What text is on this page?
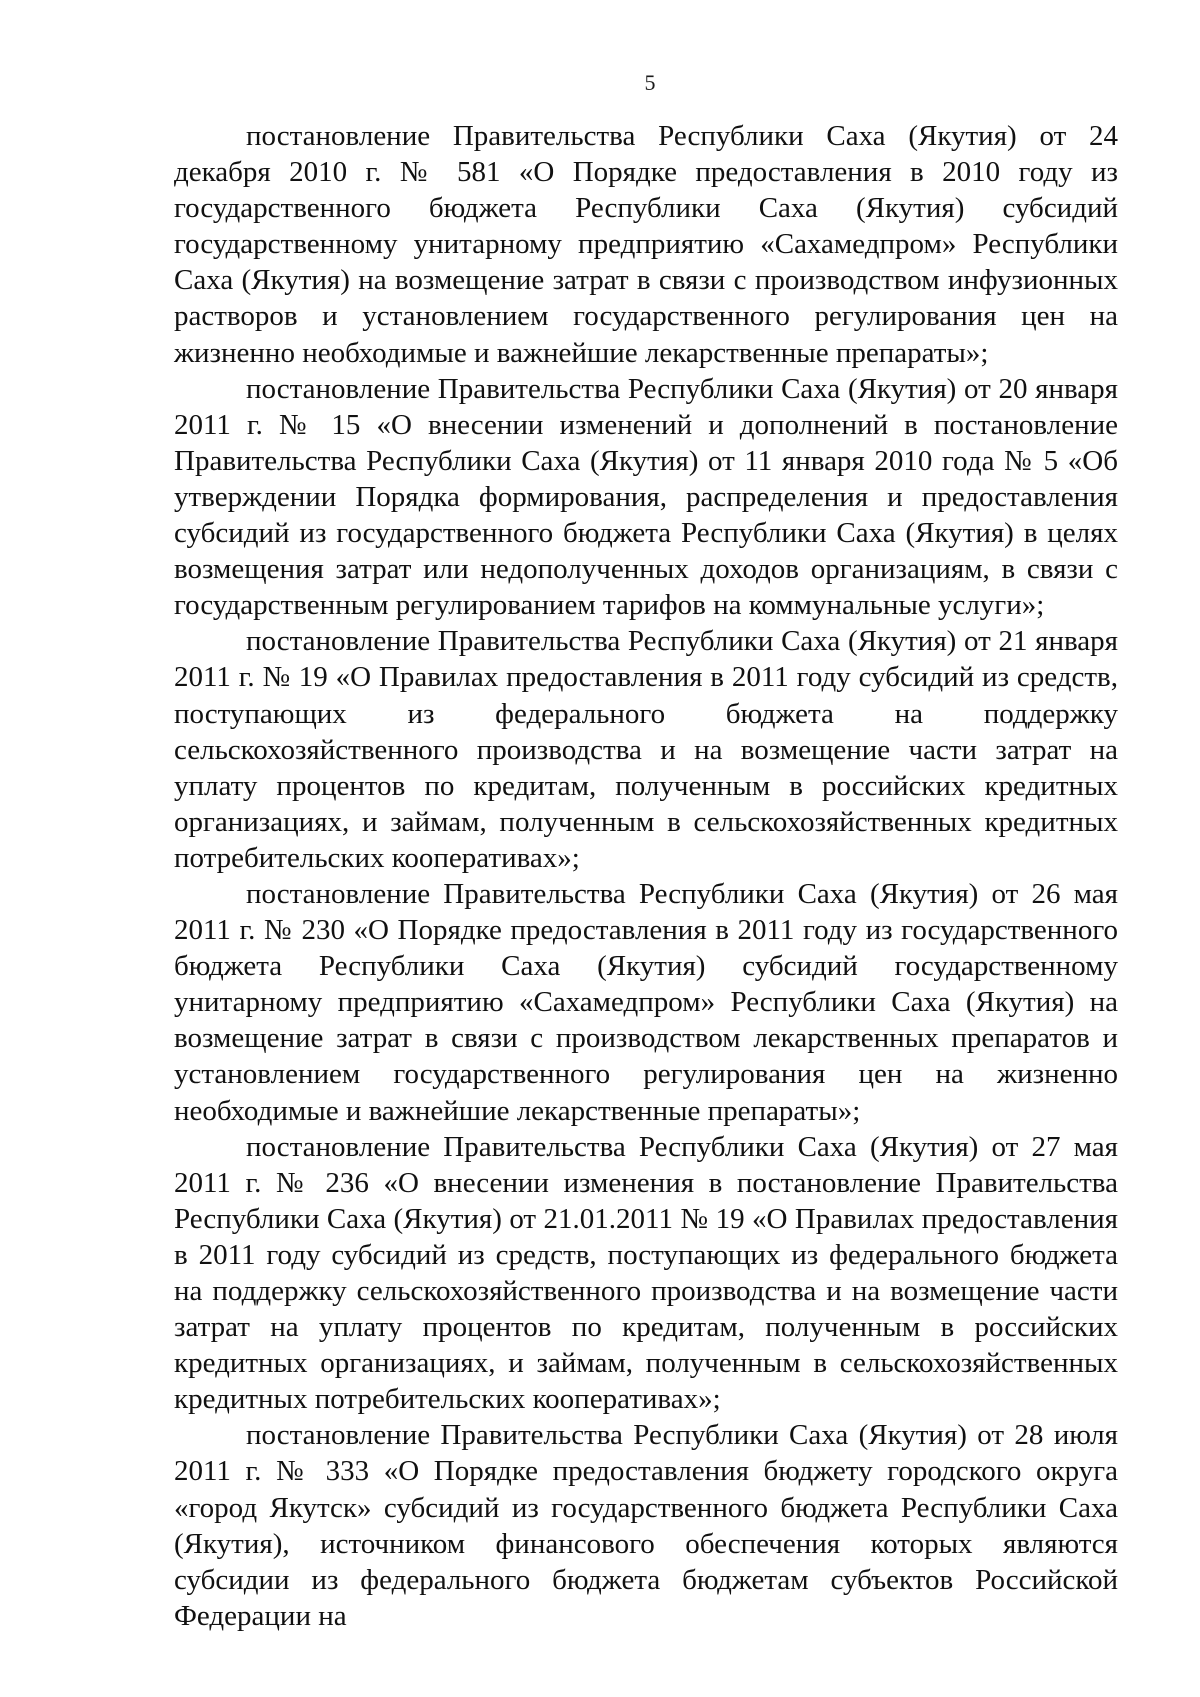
5

постановление Правительства Республики Саха (Якутия) от 24 декабря 2010 г. № 581 «О Порядке предоставления в 2010 году из государственного бюджета Республики Саха (Якутия) субсидий государственному унитарному предприятию «Сахамедпром» Республики Саха (Якутия) на возмещение затрат в связи с производством инфузионных растворов и установлением государственного регулирования цен на жизненно необходимые и важнейшие лекарственные препараты»;

постановление Правительства Республики Саха (Якутия) от 20 января 2011 г. № 15 «О внесении изменений и дополнений в постановление Правительства Республики Саха (Якутия) от 11 января 2010 года № 5 «Об утверждении Порядка формирования, распределения и предоставления субсидий из государственного бюджета Республики Саха (Якутия) в целях возмещения затрат или недополученных доходов организациям, в связи с государственным регулированием тарифов на коммунальные услуги»;

постановление Правительства Республики Саха (Якутия) от 21 января 2011 г. № 19 «О Правилах предоставления в 2011 году субсидий из средств, поступающих из федерального бюджета на поддержку сельскохозяйственного производства и на возмещение части затрат на уплату процентов по кредитам, полученным в российских кредитных организациях, и займам, полученным в сельскохозяйственных кредитных потребительских кооперативах»;

постановление Правительства Республики Саха (Якутия) от 26 мая 2011 г. № 230 «О Порядке предоставления в 2011 году из государственного бюджета Республики Саха (Якутия) субсидий государственному унитарному предприятию «Сахамедпром» Республики Саха (Якутия) на возмещение затрат в связи с производством лекарственных препаратов и установлением государственного регулирования цен на жизненно необходимые и важнейшие лекарственные препараты»;

постановление Правительства Республики Саха (Якутия) от 27 мая 2011 г. № 236 «О внесении изменения в постановление Правительства Республики Саха (Якутия) от 21.01.2011 № 19 «О Правилах предоставления в 2011 году субсидий из средств, поступающих из федерального бюджета на поддержку сельскохозяйственного производства и на возмещение части затрат на уплату процентов по кредитам, полученным в российских кредитных организациях, и займам, полученным в сельскохозяйственных кредитных потребительских кооперативах»;

постановление Правительства Республики Саха (Якутия) от 28 июля 2011 г. № 333 «О Порядке предоставления бюджету городского округа «город Якутск» субсидий из государственного бюджета Республики Саха (Якутия), источником финансового обеспечения которых являются субсидии из федерального бюджета бюджетам субъектов Российской Федерации на
